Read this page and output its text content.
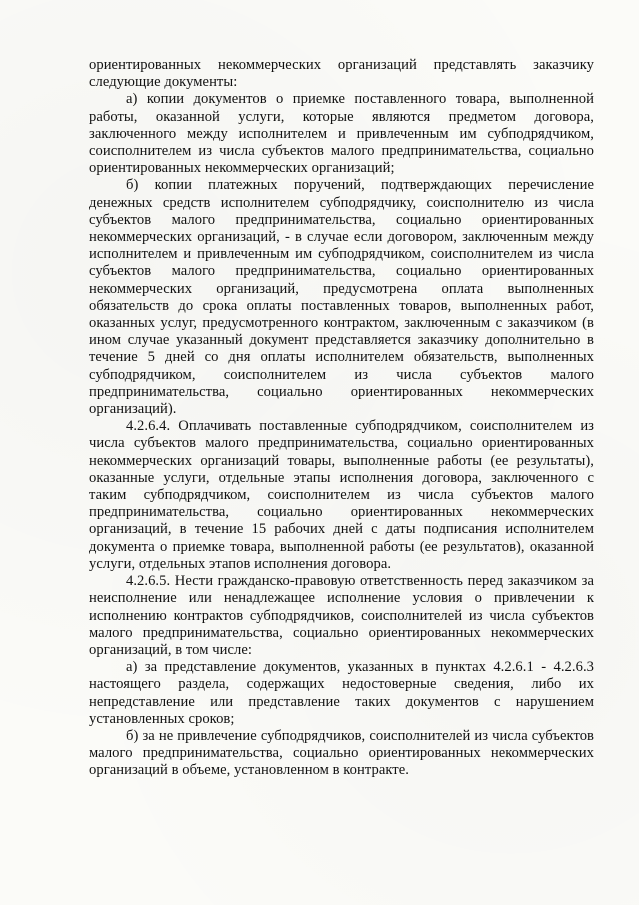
ориентированных некоммерческих организаций представлять заказчику следующие документы:

а) копии документов о приемке поставленного товара, выполненной работы, оказанной услуги, которые являются предметом договора, заключенного между исполнителем и привлеченным им субподрядчиком, соисполнителем из числа субъектов малого предпринимательства, социально ориентированных некоммерческих организаций;

б) копии платежных поручений, подтверждающих перечисление денежных средств исполнителем субподрядчику, соисполнителю из числа субъектов малого предпринимательства, социально ориентированных некоммерческих организаций, - в случае если договором, заключенным между исполнителем и привлеченным им субподрядчиком, соисполнителем из числа субъектов малого предпринимательства, социально ориентированных некоммерческих организаций, предусмотрена оплата выполненных обязательств до срока оплаты поставленных товаров, выполненных работ, оказанных услуг, предусмотренного контрактом, заключенным с заказчиком (в ином случае указанный документ представляется заказчику дополнительно в течение 5 дней со дня оплаты исполнителем обязательств, выполненных субподрядчиком, соисполнителем из числа субъектов малого предпринимательства, социально ориентированных некоммерческих организаций).

4.2.6.4. Оплачивать поставленные субподрядчиком, соисполнителем из числа субъектов малого предпринимательства, социально ориентированных некоммерческих организаций товары, выполненные работы (ее результаты), оказанные услуги, отдельные этапы исполнения договора, заключенного с таким субподрядчиком, соисполнителем из числа субъектов малого предпринимательства, социально ориентированных некоммерческих организаций, в течение 15 рабочих дней с даты подписания исполнителем документа о приемке товара, выполненной работы (ее результатов), оказанной услуги, отдельных этапов исполнения договора.

4.2.6.5. Нести гражданско-правовую ответственность перед заказчиком за неисполнение или ненадлежащее исполнение условия о привлечении к исполнению контрактов субподрядчиков, соисполнителей из числа субъектов малого предпринимательства, социально ориентированных некоммерческих организаций, в том числе:

а) за представление документов, указанных в пунктах 4.2.6.1 - 4.2.6.3 настоящего раздела, содержащих недостоверные сведения, либо их непредставление или представление таких документов с нарушением установленных сроков;

б) за не привлечение субподрядчиков, соисполнителей из числа субъектов малого предпринимательства, социально ориентированных некоммерческих организаций в объеме, установленном в контракте.
